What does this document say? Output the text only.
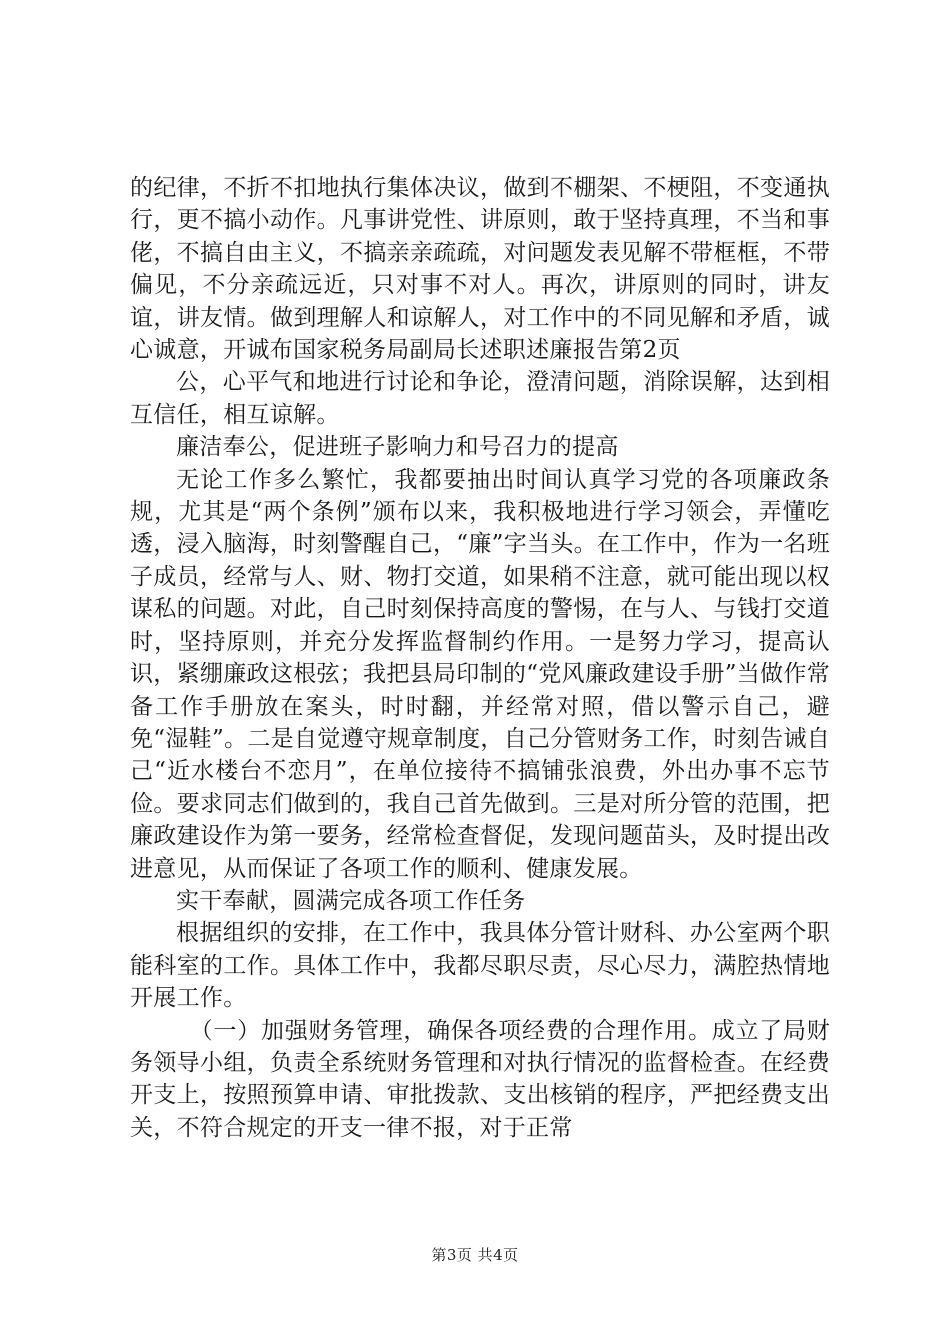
的纪律，不折不扣地执行集体决议，做到不棚架、不梗阻，不变通执行，更不搞小动作。凡事讲党性、讲原则，敢于坚持真理，不当和事佬，不搞自由主义，不搞亲亲疏疏，对问题发表见解不带框框，不带偏见，不分亲疏远近，只对事不对人。再次，讲原则的同时，讲友谊，讲友情。做到理解人和谅解人，对工作中的不同见解和矛盾，诚心诚意，开诚布国家税务局副局长述职述廉报告第2页

公，心平气和地进行讨论和争论，澄清问题，消除误解，达到相互信任，相互谅解。

廉洁奉公，促进班子影响力和号召力的提高

无论工作多么繁忙，我都要抽出时间认真学习党的各项廉政条规，尤其是“两个条例”颁布以来，我积极地进行学习领会，弄懂吃透，浸入脑海，时刻警醒自己，“廉”字当头。在工作中，作为一名班子成员，经常与人、财、物打交道，如果稍不注意，就可能出现以权谋私的问题。对此，自己时刻保持高度的警惕，在与人、与钱打交道时，坚持原则，并充分发挥监督制约作用。一是努力学习，提高认识，紧绷廉政这根弦；我把县局印制的“党风廉政建设手册”当做作常备工作手册放在案头，时时翻，并经常对照，借以警示自己，避免“湿鞋”。二是自觉遵守规章制度，自己分管财务工作，时刻告诫自己“近水楼台不恋月”，在单位接待不搞铺张浪费，外出办事不忘节俭。要求同志们做到的，我自己首先做到。三是对所分管的范围，把廉政建设作为第一要务，经常检查督促，发现问题苗头，及时提出改进意见，从而保证了各项工作的顺利、健康发展。

实干奉献，圆满完成各项工作任务

根据组织的安排，在工作中，我具体分管计财科、办公室两个职能科室的工作。具体工作中，我都尽职尽责，尽心尽力，满腔热情地开展工作。

（一）加强财务管理，确保各项经费的合理作用。成立了局财务领导小组，负责全系统财务管理和对执行情况的监督检查。在经费开支上，按照预算申请、审批拨款、支出核销的程序，严把经费支出关，不符合规定的开支一律不报，对于正常

第3页 共4页
